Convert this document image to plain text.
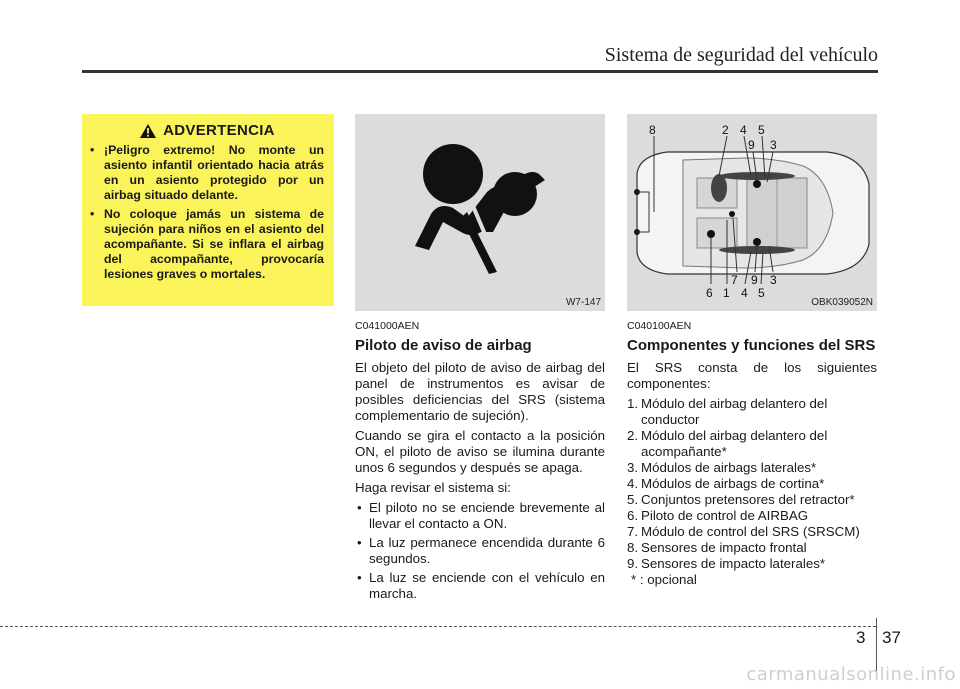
Sistema de seguridad del vehículo
ADVERTENCIA
• ¡Peligro extremo! No monte un asiento infantil orientado hacia atrás en un asiento protegido por un airbag situado delante.
• No coloque jamás un sistema de sujeción para niños en el asiento del acompañante. Si se inflara el airbag del acompañante, provocaría lesiones graves o mortales.
W7-147
8	2 4 5
9 3
7 9 3
6 1 4 5
OBK039052N
C041000AEN
Piloto de aviso de airbag

El objeto del piloto de aviso de airbag del panel de instrumentos es avisar de posibles deficiencias del SRS (sistema complementario de sujeción).

Cuando se gira el contacto a la posición ON, el piloto de aviso se ilumina durante unos 6 segundos y después se apaga.

Haga revisar el sistema si:

• El piloto no se enciende brevemente al llevar el contacto a ON.
• La luz permanece encendida durante 6 segundos.
• La luz se enciende con el vehículo en marcha.
C040100AEN
Componentes y funciones del SRS

El SRS consta de los siguientes componentes:

1. Módulo del airbag delantero del conductor
2. Módulo del airbag delantero del acompañante*
3. Módulos de airbags laterales*
4. Módulos de airbags de cortina*
5. Conjuntos pretensores del retractor*
6. Piloto de control de AIRBAG
7. Módulo de control del SRS (SRSCM)
8. Sensores de impacto frontal
9. Sensores de impacto laterales*
* : opcional
3 37
carmanualsonline.info
